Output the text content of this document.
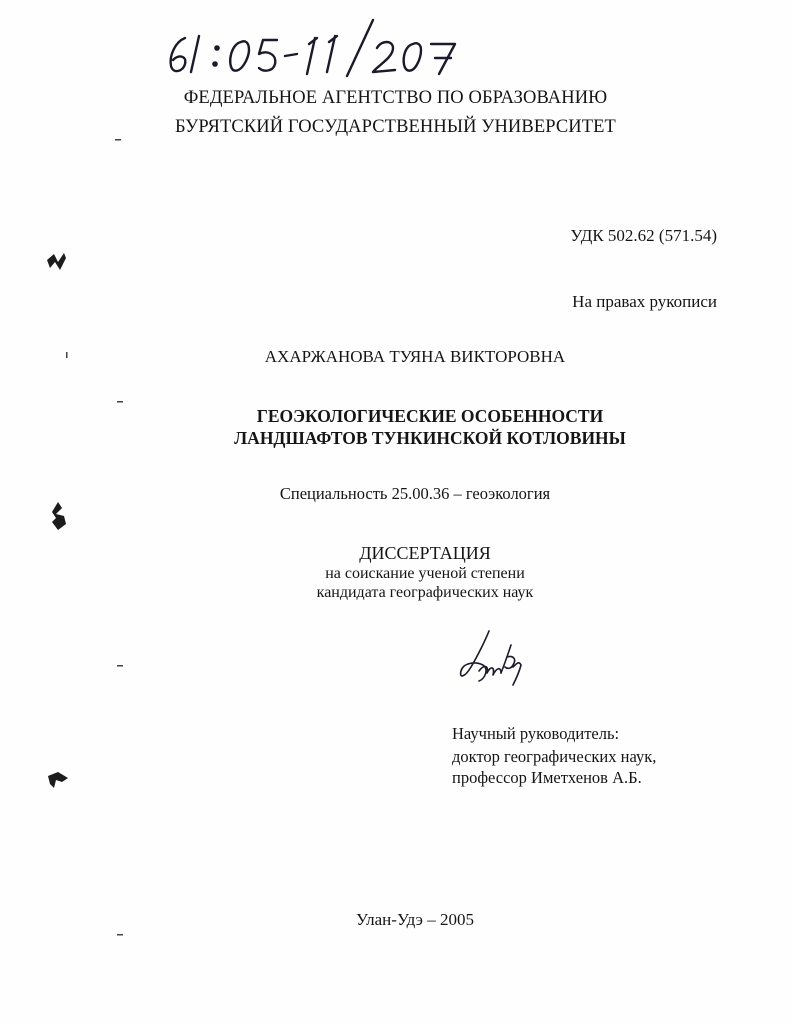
ФЕДЕРАЛЬНОЕ АГЕНТСТВО ПО ОБРАЗОВАНИЮ
БУРЯТСКИЙ ГОСУДАРСТВЕННЫЙ УНИВЕРСИТЕТ
УДК 502.62 (571.54)
На правах рукописи
АХАРЖАНОВА ТУЯНА ВИКТОРОВНА
ГЕОЭКОЛОГИЧЕСКИЕ ОСОБЕННОСТИ
ЛАНДШАФТОВ ТУНКИНСКОЙ КОТЛОВИНЫ
Специальность 25.00.36 – геоэкология
ДИССЕРТАЦИЯ
на соискание ученой степени
кандидата географических наук
Научный руководитель:
доктор географических наук,
профессор Иметхенов А.Б.
Улан-Удэ – 2005
